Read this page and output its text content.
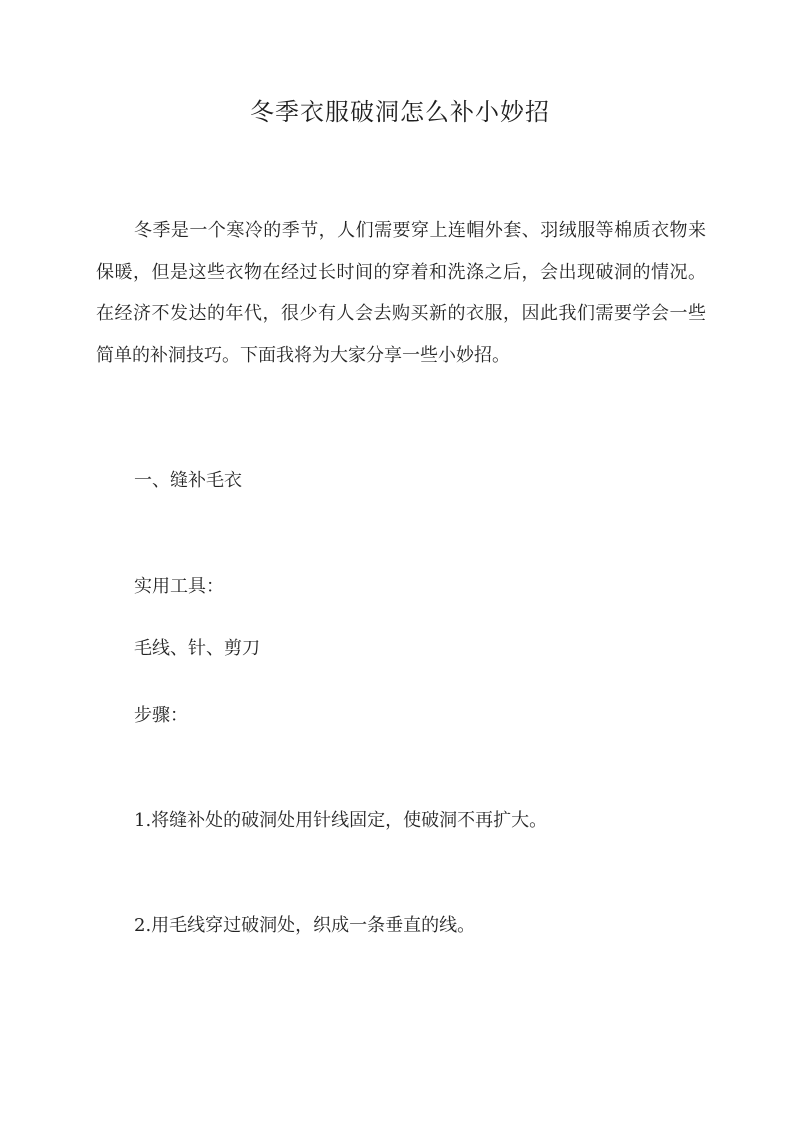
冬季衣服破洞怎么补小妙招

冬季是一个寒冷的季节，人们需要穿上连帽外套、羽绒服等棉质衣物来保暖，但是这些衣物在经过长时间的穿着和洗涤之后，会出现破洞的情况。在经济不发达的年代，很少有人会去购买新的衣服，因此我们需要学会一些简单的补洞技巧。下面我将为大家分享一些小妙招。

一、缝补毛衣

实用工具：

毛线、针、剪刀

步骤：

1.将缝补处的破洞处用针线固定，使破洞不再扩大。

2.用毛线穿过破洞处，织成一条垂直的线。
